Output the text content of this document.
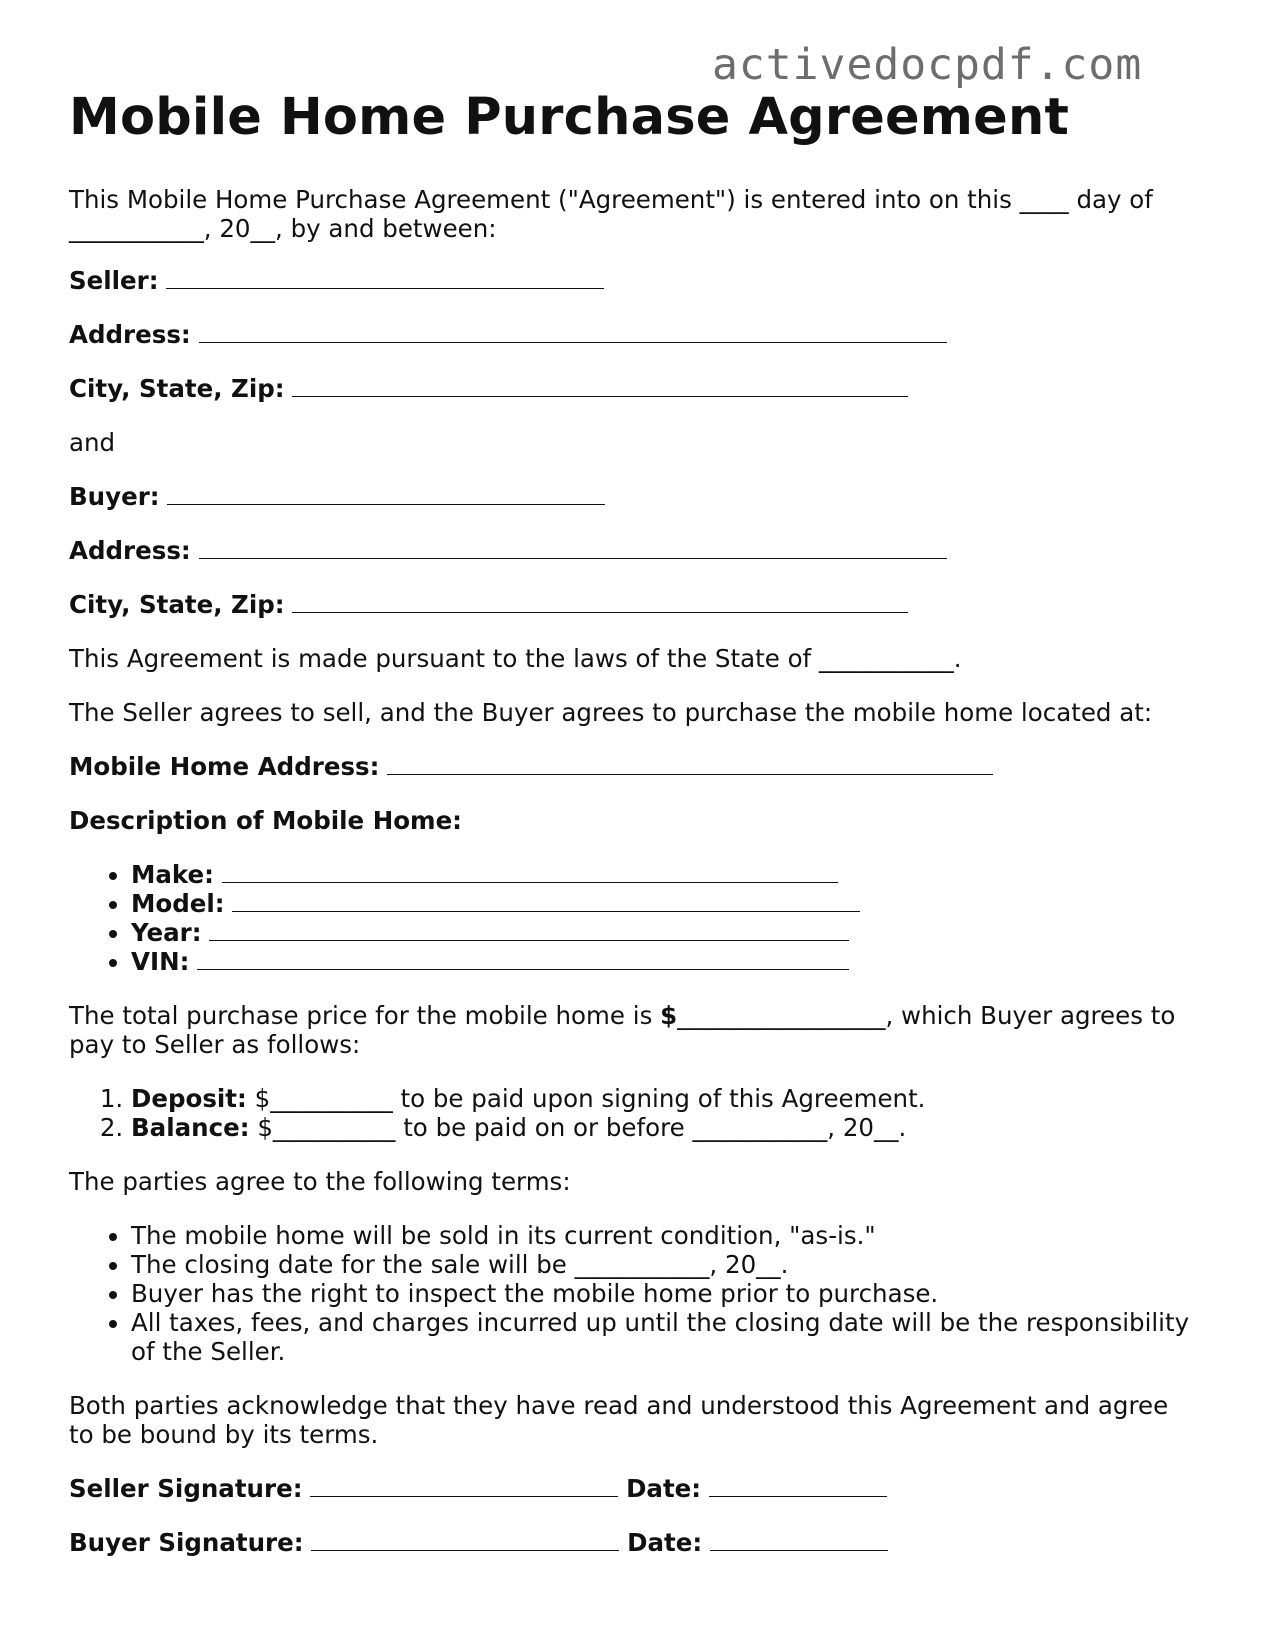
activedocpdf.com
Mobile Home Purchase Agreement

This Mobile Home Purchase Agreement ("Agreement") is entered into on this ____ day of ___________, 20__, by and between:

Seller:

Address:

City, State, Zip:

and

Buyer:

Address:

City, State, Zip:

This Agreement is made pursuant to the laws of the State of ___________.

The Seller agrees to sell, and the Buyer agrees to purchase the mobile home located at:

Mobile Home Address:

Description of Mobile Home:

• Make:
• Model:
• Year:
• VIN:

The total purchase price for the mobile home is $_________________, which Buyer agrees to pay to Seller as follows:

1. Deposit: $__________ to be paid upon signing of this Agreement.
2. Balance: $__________ to be paid on or before ___________, 20__.

The parties agree to the following terms:

• The mobile home will be sold in its current condition, "as-is."
• The closing date for the sale will be ___________, 20__.
• Buyer has the right to inspect the mobile home prior to purchase.
• All taxes, fees, and charges incurred up until the closing date will be the responsibility of the Seller.

Both parties acknowledge that they have read and understood this Agreement and agree to be bound by its terms.

Seller Signature:	Date:

Buyer Signature:	Date:
